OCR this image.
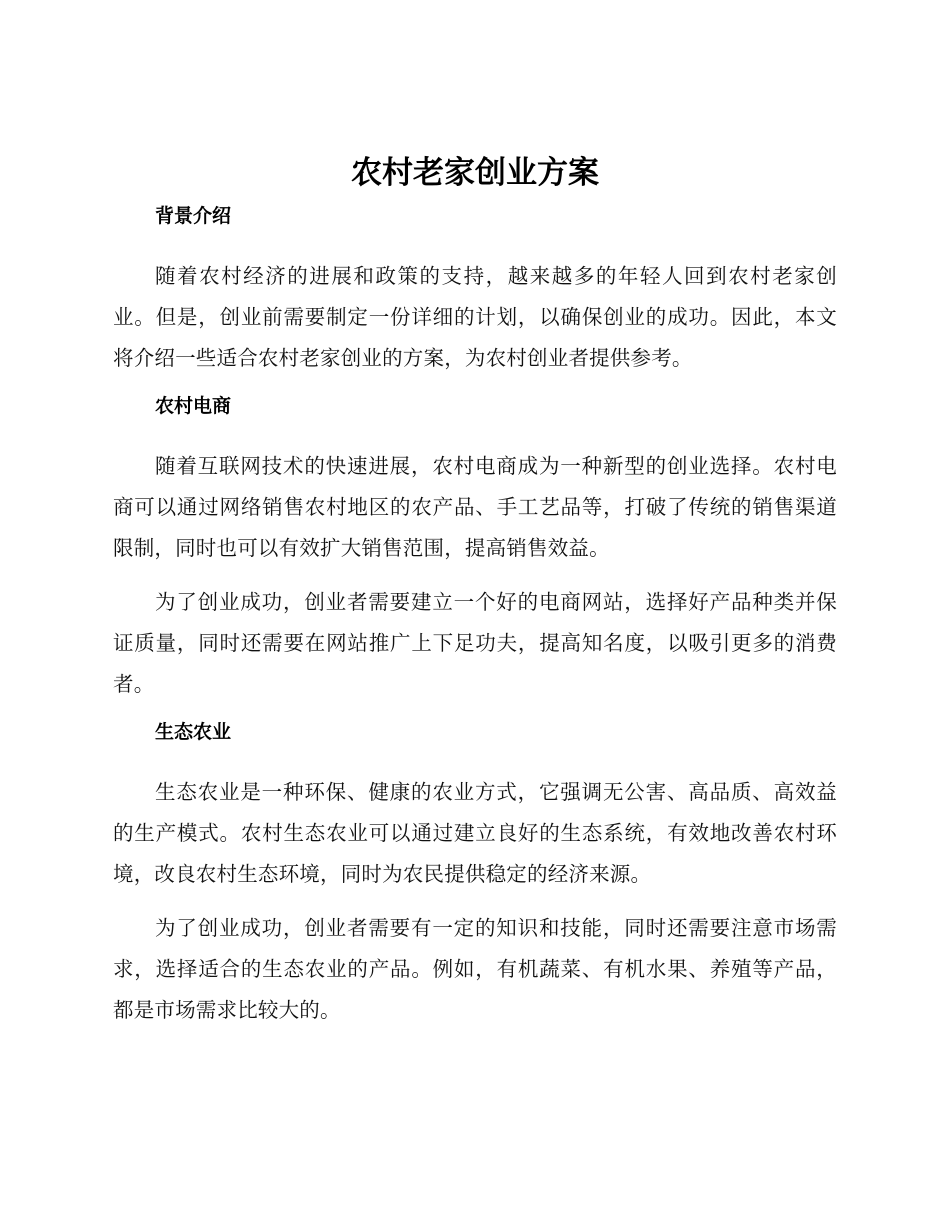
农村老家创业方案
背景介绍

随着农村经济的进展和政策的支持，越来越多的年轻人回到农村老家创业。但是，创业前需要制定一份详细的计划，以确保创业的成功。因此，本文将介绍一些适合农村老家创业的方案，为农村创业者提供参考。

农村电商

随着互联网技术的快速进展，农村电商成为一种新型的创业选择。农村电商可以通过网络销售农村地区的农产品、手工艺品等，打破了传统的销售渠道限制，同时也可以有效扩大销售范围，提高销售效益。

为了创业成功，创业者需要建立一个好的电商网站，选择好产品种类并保证质量，同时还需要在网站推广上下足功夫，提高知名度，以吸引更多的消费者。

生态农业

生态农业是一种环保、健康的农业方式，它强调无公害、高品质、高效益的生产模式。农村生态农业可以通过建立良好的生态系统，有效地改善农村环境，改良农村生态环境，同时为农民提供稳定的经济来源。

为了创业成功，创业者需要有一定的知识和技能，同时还需要注意市场需求，选择适合的生态农业的产品。例如，有机蔬菜、有机水果、养殖等产品，都是市场需求比较大的。
